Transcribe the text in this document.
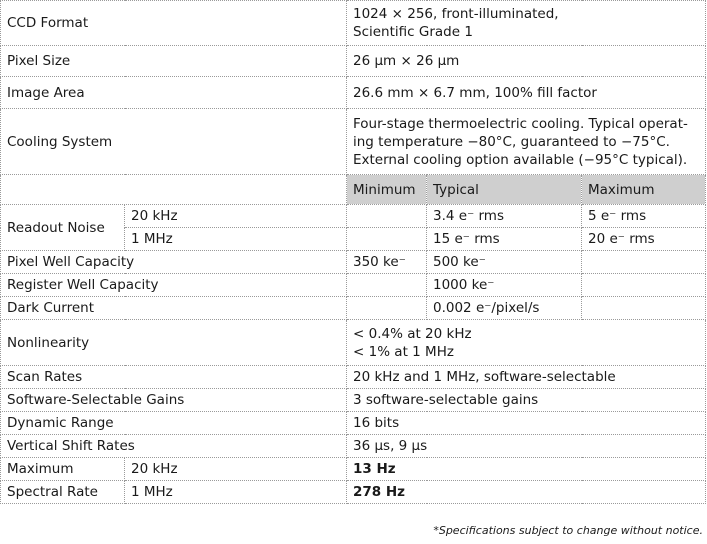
CCD Format		1024 × 256, front-illuminated,
Scientific Grade 1		

Pixel Size		26 µm × 26 µm		
Image Area		26.6 mm × 6.7 mm, 100% fill factor		
Cooling System		Four-stage thermoelectric cooling. Typical operat-
ing temperature −80°C, guaranteed to −75°C.
External cooling option available (−95°C typical).		

		Minimum	Typical	Maximum
Readout Noise	20 kHz		3.4 e⁻ rms	5 e⁻ rms
	1 MHz		15 e⁻ rms	20 e⁻ rms
Pixel Well Capacity		350 ke⁻	500 ke⁻	
Register Well Capacity			1000 ke⁻	
Dark Current			0.002 e⁻/pixel/s	
Nonlinearity		< 0.4% at 20 kHz
< 1% at 1 MHz		

Scan Rates		20 kHz and 1 MHz, software-selectable		
Software-Selectable Gains		3 software-selectable gains		
Dynamic Range		16 bits		
Vertical Shift Rates		36 µs, 9 µs		
Maximum	20 kHz	13 Hz		
Spectral Rate	1 MHz	278 Hz		
*Specifications subject to change without notice.
